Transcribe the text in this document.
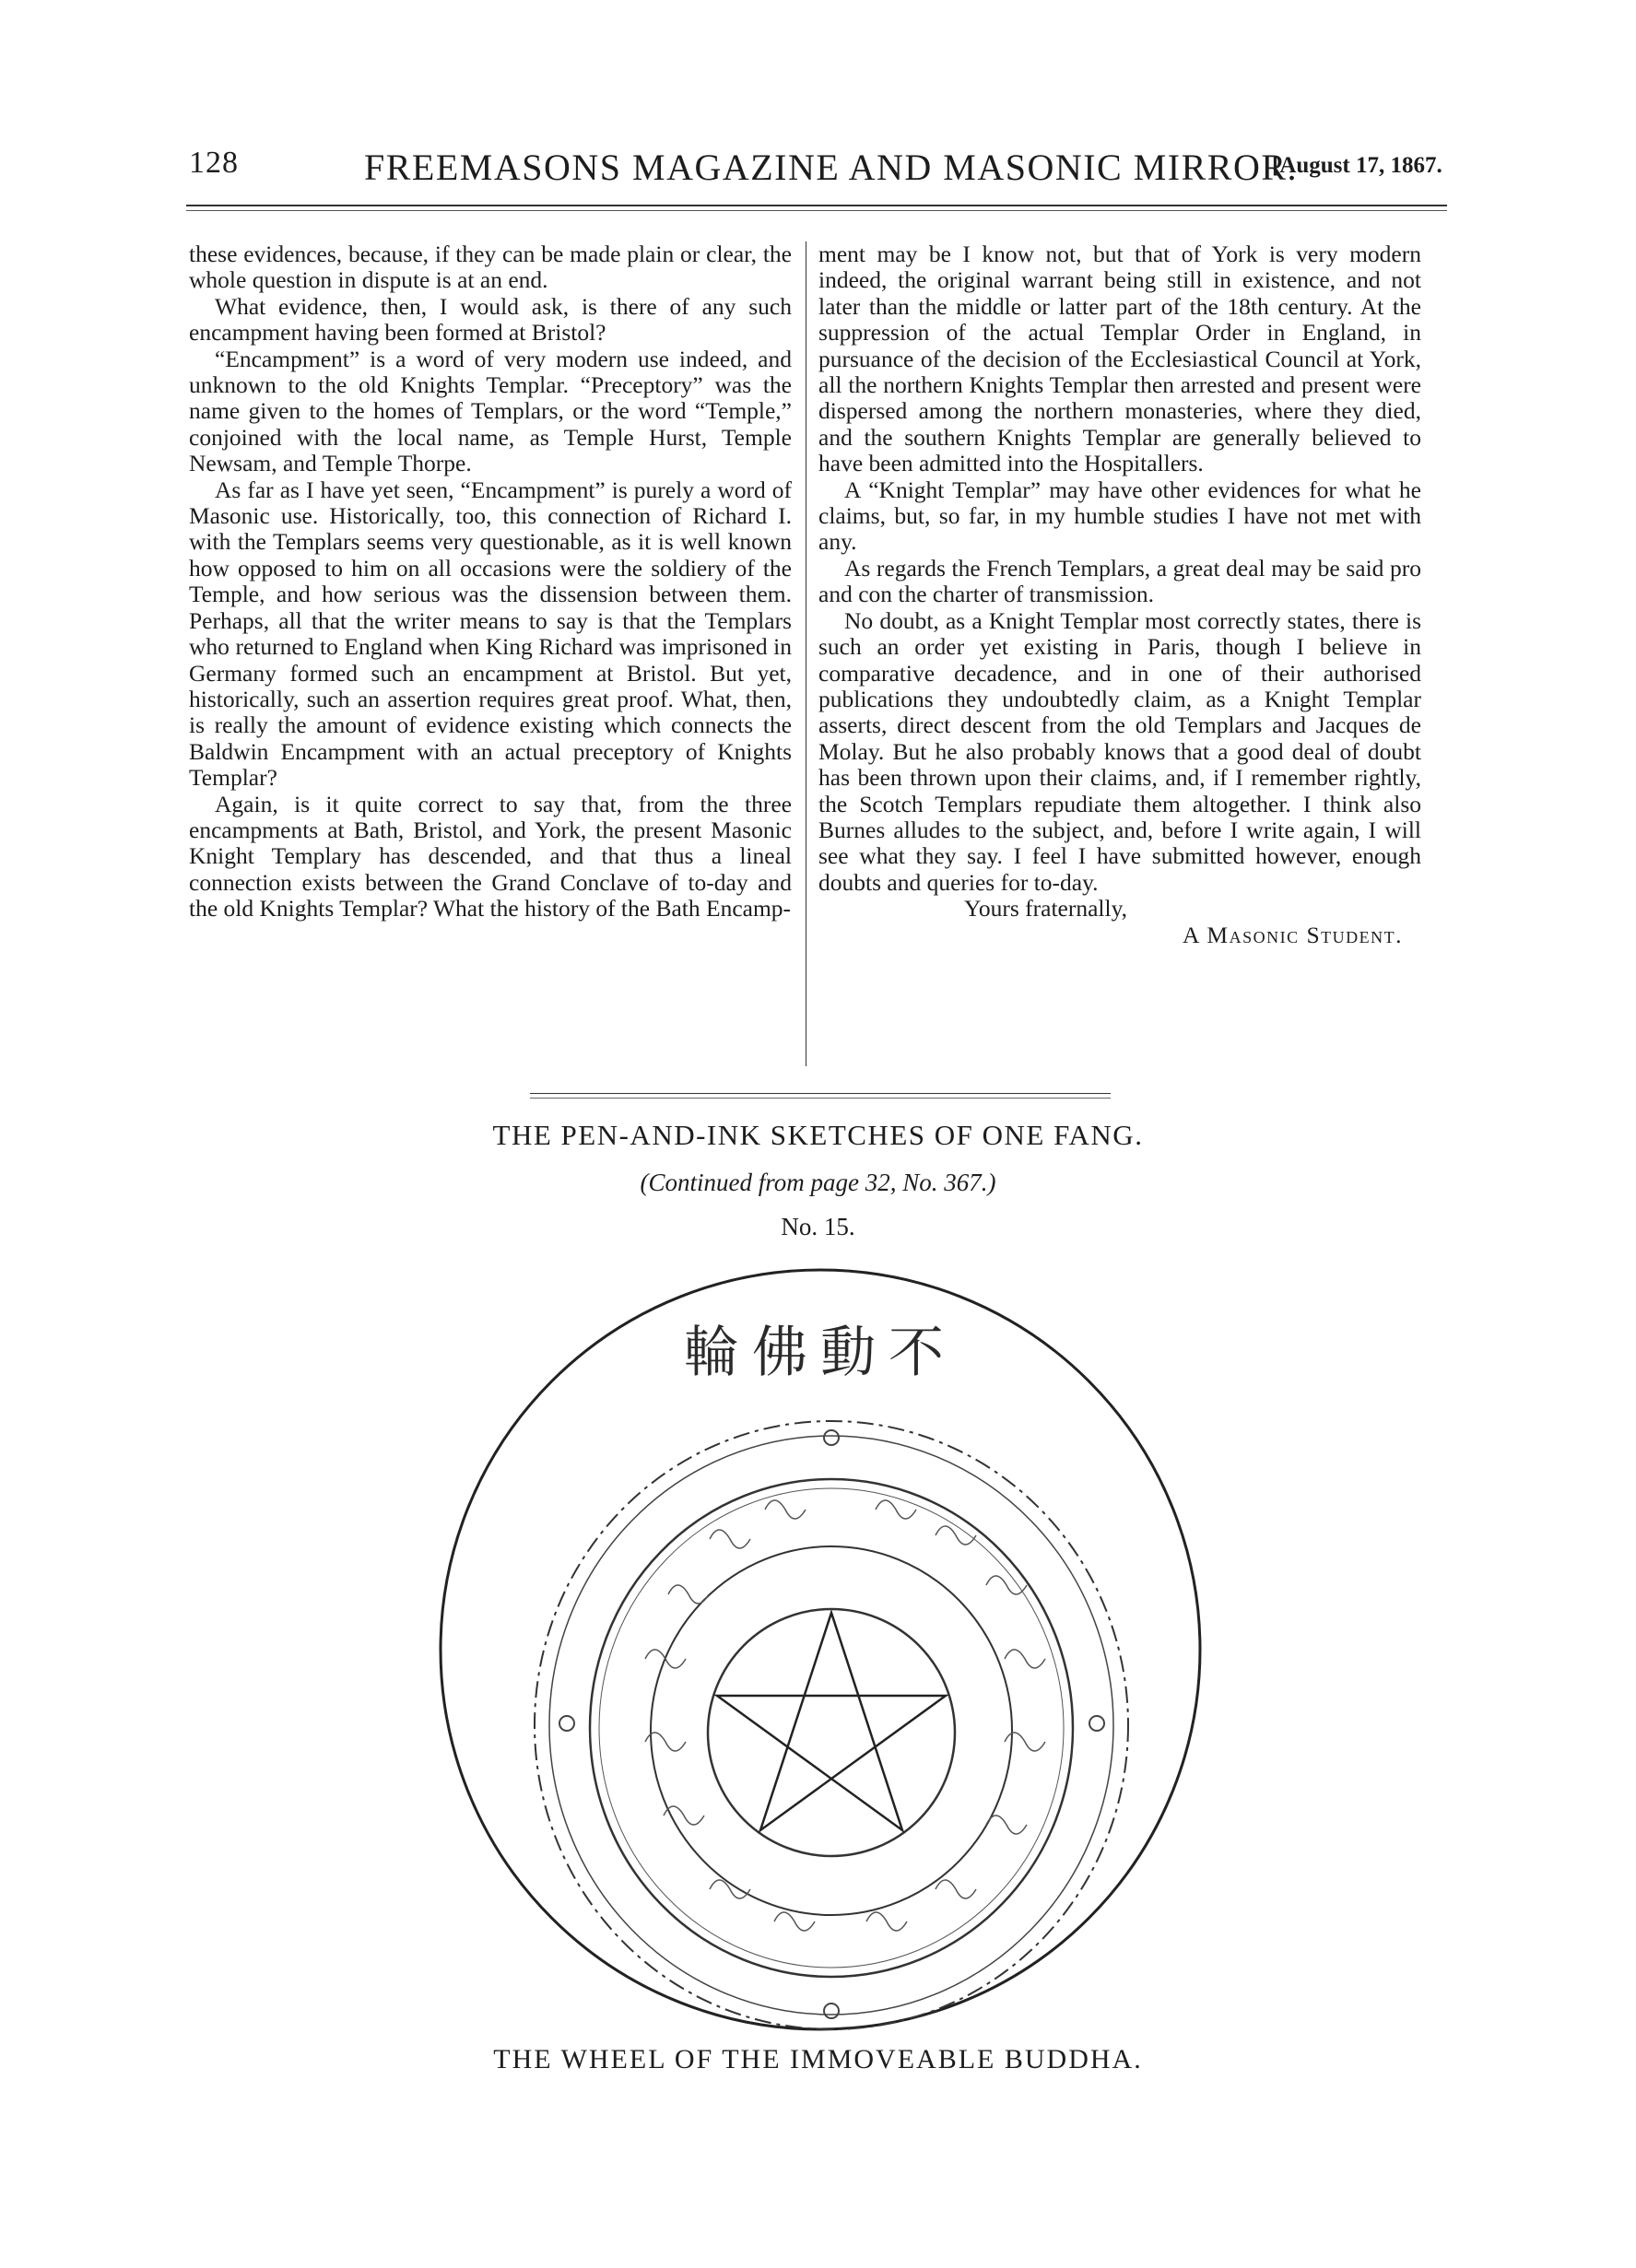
128	FREEMASONS MAGAZINE AND MASONIC MIRROR.
[August 17, 1867.

these evidences, because, if they can be made plain or clear, the whole question in dispute is at an end.

What evidence, then, I would ask, is there of any such encampment having been formed at Bristol?

“Encampment” is a word of very modern use indeed, and unknown to the old Knights Templar. “Preceptory” was the name given to the homes of Templars, or the word “Temple,” conjoined with the local name, as Temple Hurst, Temple Newsam, and Temple Thorpe.

As far as I have yet seen, “Encampment” is purely a word of Masonic use. Historically, too, this connection of Richard I. with the Templars seems very questionable, as it is well known how opposed to him on all occasions were the soldiery of the Temple, and how serious was the dissension between them. Perhaps, all that the writer means to say is that the Templars who returned to England when King Richard was imprisoned in Germany formed such an encampment at Bristol. But yet, historically, such an assertion requires great proof. What, then, is really the amount of evidence existing which connects the Baldwin Encampment with an actual preceptory of Knights Templar?

Again, is it quite correct to say that, from the three encampments at Bath, Bristol, and York, the present Masonic Knight Templary has descended, and that thus a lineal connection exists between the Grand Conclave of to-day and the old Knights Templar? What the history of the Bath Encamp-

ment may be I know not, but that of York is very modern indeed, the original warrant being still in existence, and not later than the middle or latter part of the 18th century. At the suppression of the actual Templar Order in England, in pursuance of the decision of the Ecclesiastical Council at York, all the northern Knights Templar then arrested and present were dispersed among the northern monasteries, where they died, and the southern Knights Templar are generally believed to have been admitted into the Hospitallers.

A “Knight Templar” may have other evidences for what he claims, but, so far, in my humble studies I have not met with any.

As regards the French Templars, a great deal may be said pro and con the charter of transmission.

No doubt, as a Knight Templar most correctly states, there is such an order yet existing in Paris, though I believe in comparative decadence, and in one of their authorised publications they undoubtedly claim, as a Knight Templar asserts, direct descent from the old Templars and Jacques de Molay. But he also probably knows that a good deal of doubt has been thrown upon their claims, and, if I remember rightly, the Scotch Templars repudiate them altogether. I think also Burnes alludes to the subject, and, before I write again, I will see what they say. I feel I have submitted however, enough doubts and queries for to-day.

Yours fraternally,
A Masonic Student.
THE PEN-AND-INK SKETCHES OF ONE FANG.
(Continued from page 32, No. 367.)
No. 15.
輪佛動不
THE WHEEL OF THE IMMOVEABLE BUDDHA.
